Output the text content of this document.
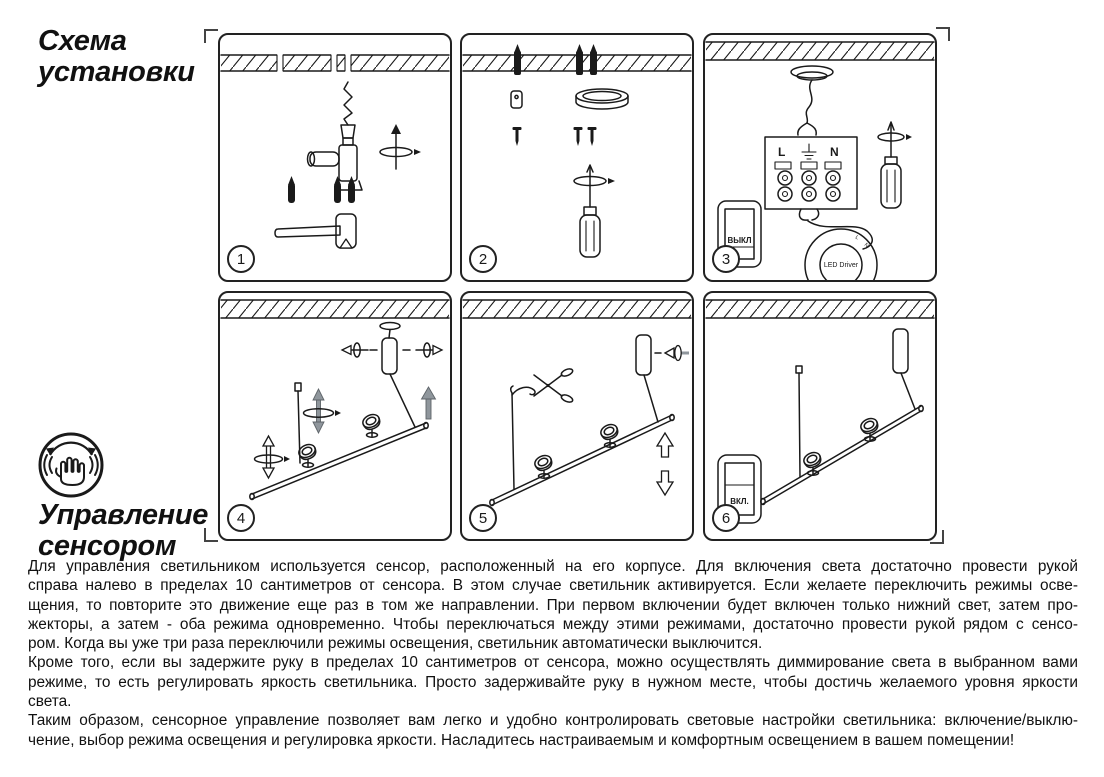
Схема
установки
1	2
L	N
LED Driver
L
N
ВЫКЛ
3
4	5
ВКЛ.
6
Управление
сенсором
Для управления светильником используется сенсор, расположенный на его корпусе. Для включения света достаточно провести рукой
справа налево в пределах 10 сантиметров от сенсора. В этом случае светильник активируется. Если желаете переключить режимы осве-
щения, то повторите это движение еще раз в том же направлении. При первом включении будет включен только нижний свет, затем про-
жекторы, а затем - оба режима одновременно. Чтобы переключаться между этими режимами, достаточно провести рукой рядом с сенсо-
ром. Когда вы уже три раза переключили режимы освещения, светильник автоматически выключится.
Кроме того, если вы задержите руку в пределах 10 сантиметров от сенсора, можно осуществлять диммирование света в выбранном вами
режиме, то есть регулировать яркость светильника. Просто задерживайте руку в нужном месте, чтобы достичь желаемого уровня яркости
света.
Таким образом, сенсорное управление позволяет вам легко и удобно контролировать световые настройки светильника: включение/выклю-
чение, выбор режима освещения и регулировка яркости. Насладитесь настраиваемым и комфортным освещением в вашем помещении!
